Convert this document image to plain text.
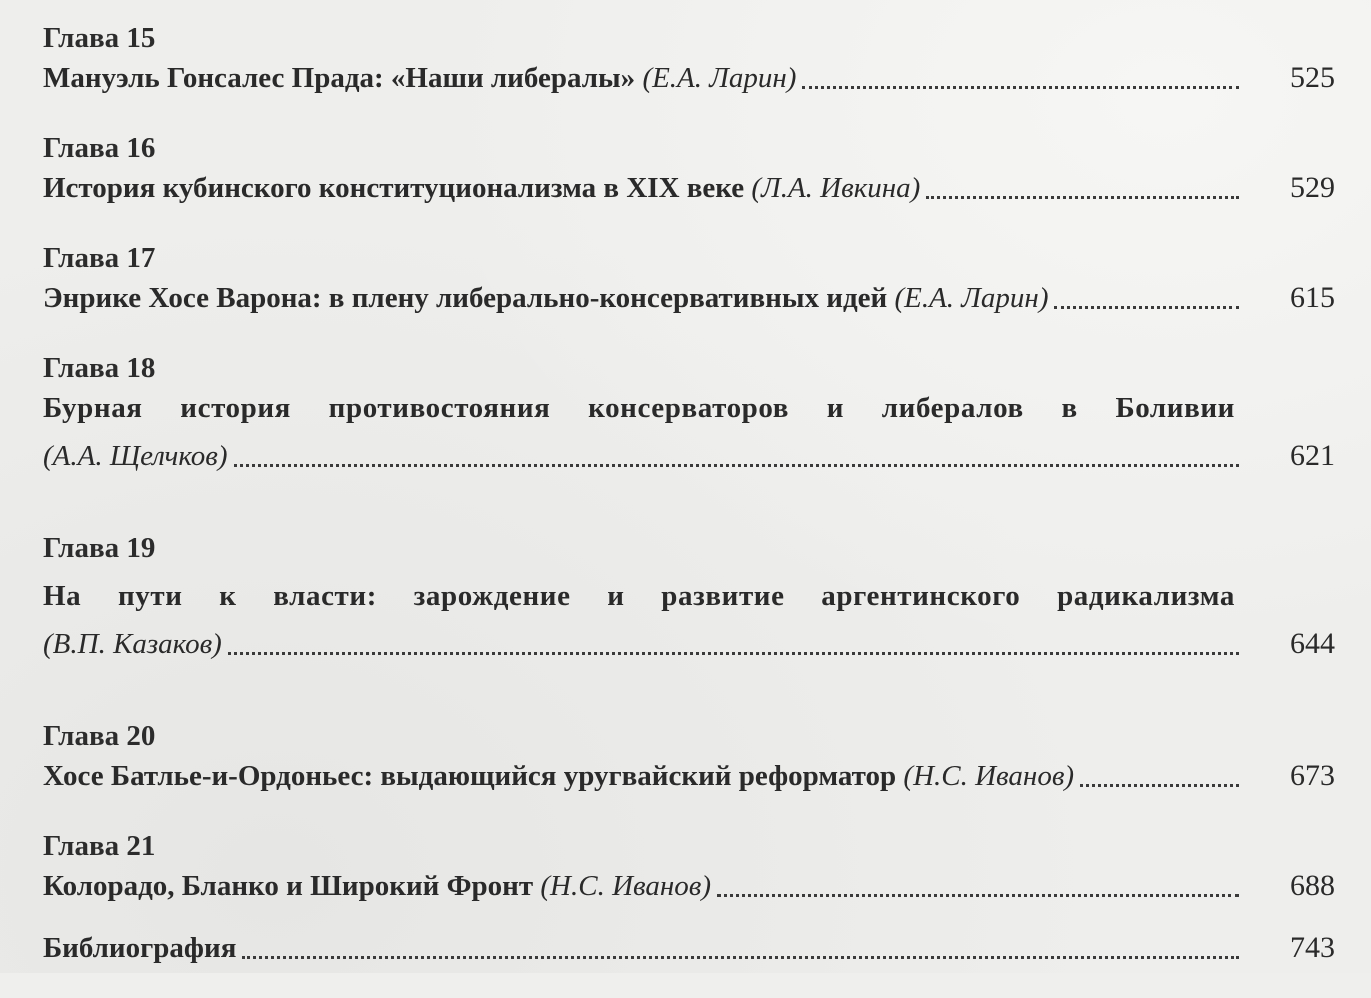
Глава 15
Мануэль Гонсалес Прада: «Наши либералы» (Е.А. Ларин)	525
Глава 16
История кубинского конституционализма в XIX веке (Л.А. Ивкина)	529
Глава 17
Энрике Хосе Варона: в плену либерально-консервативных идей (Е.А. Ларин)	615
Глава 18
Бурная история противостояния консерваторов и либералов в Боливии
(А.А. Щелчков)	621
Глава 19
На пути к власти: зарождение и развитие аргентинского радикализма
(В.П. Казаков)	644
Глава 20
Хосе Батлье-и-Ордоньес: выдающийся уругвайский реформатор (Н.С. Иванов)	673
Глава 21
Колорадо, Бланко и Широкий Фронт (Н.С. Иванов)	688
Библиография	743
